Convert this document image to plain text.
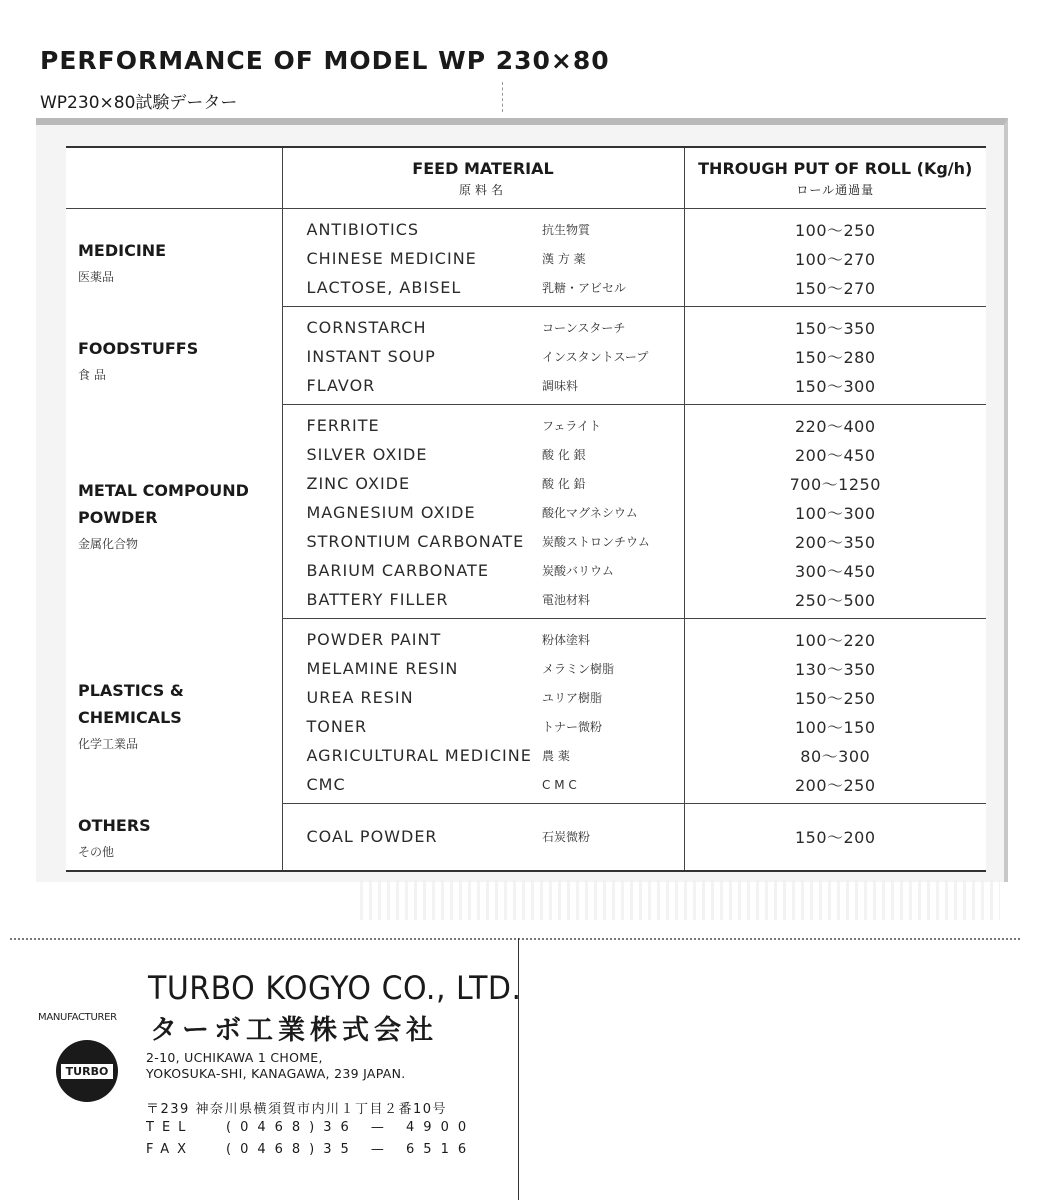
PERFORMANCE OF MODEL WP 230×80
WP230×80試験データー
	FEED MATERIAL
原料名		THROUGH PUT OF ROLL (Kg/h)
ロール通過量

MEDICINE
医薬品	ANTIBIOTICS	抗生物質	100～250
	CHINESE MEDICINE	漢 方 薬	100～270
	LACTOSE, ABISEL	乳糖・アビセル	150～270

FOODSTUFFS
食 品	CORNSTARCH	コーンスターチ	150～350
	INSTANT SOUP	インスタントスープ	150～280
	FLAVOR	調味料	150～300

METAL COMPOUND POWDER
金属化合物	FERRITE	フェライト	220～400
	SILVER OXIDE	酸 化 銀	200～450
	ZINC OXIDE	酸 化 鉛	700～1250
	MAGNESIUM OXIDE	酸化マグネシウム	100～300
	STRONTIUM CARBONATE	炭酸ストロンチウム	200～350
	BARIUM CARBONATE	炭酸バリウム	300～450
	BATTERY FILLER	電池材料	250～500

PLASTICS & CHEMICALS
化学工業品	POWDER PAINT	粉体塗料	100～220
	MELAMINE RESIN	メラミン樹脂	130～350
	UREA RESIN	ユリア樹脂	150～250
	TONER	トナー微粉	100～150
	AGRICULTURAL MEDICINE	農 薬	80～300
	CMC	C M C	200～250

OTHERS
その他	COAL POWDER	石炭微粉	150～200
MANUFACTURER
TURBO
TURBO KOGYO CO., LTD.
ターボ工業株式会社
2-10, UCHIKAWA 1 CHOME,
YOKOSUKA-SHI, KANAGAWA, 239 JAPAN.
〒239 神奈川県横須賀市内川１丁目２番10号
TEL	(0468)36 — 4900
FAX (0468)35 — 6516
